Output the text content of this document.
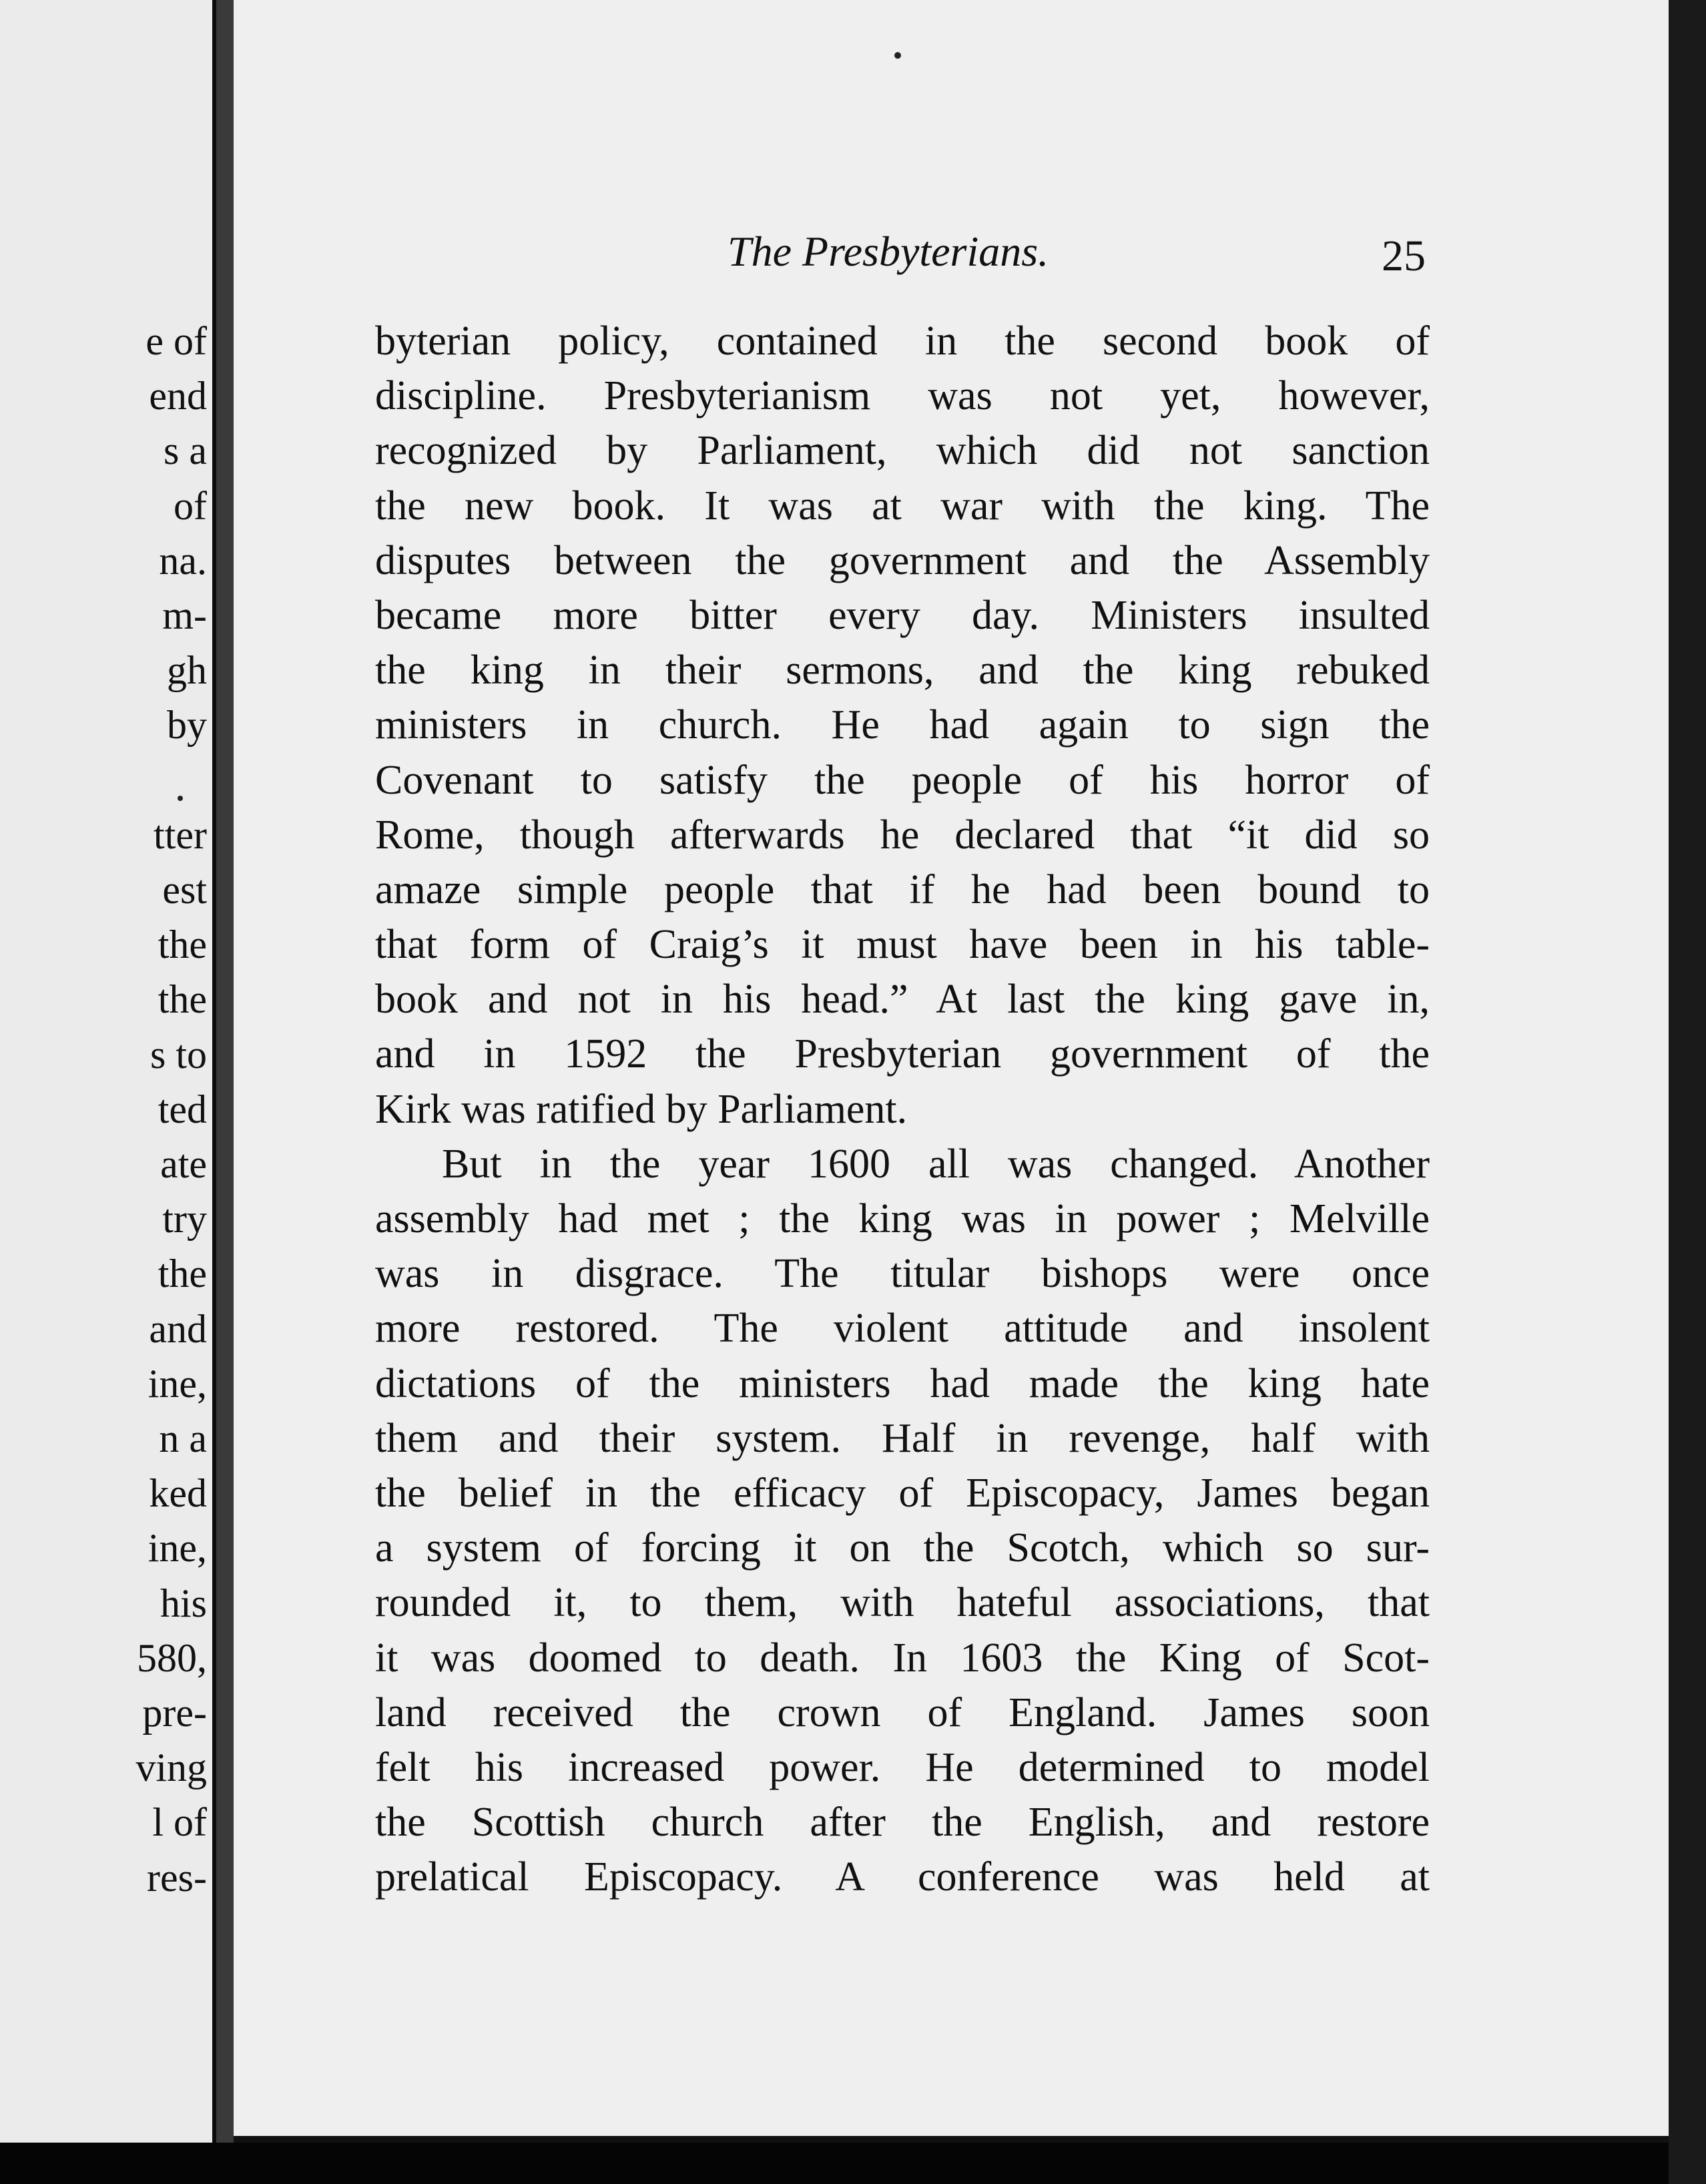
e of
end
s a
of
na.
m-
gh
by

tter
est
the
the
s to
ted
ate
try
the
and
ine,
n a
ked
ine,
his
580,
pre-
ving
l of
res-
The Presbyterians.	25
byterian policy, contained in the second book of
discipline. Presbyterianism was not yet, however,
recognized by Parliament, which did not sanction
the new book. It was at war with the king. The
disputes between the government and the Assembly
became more bitter every day. Ministers insulted
the king in their sermons, and the king rebuked
ministers in church. He had again to sign the
Covenant to satisfy the people of his horror of
Rome, though afterwards he declared that “it did so
amaze simple people that if he had been bound to
that form of Craig’s it must have been in his table-
book and not in his head.” At last the king gave in,
and in 1592 the Presbyterian government of the
Kirk was ratified by Parliament.
But in the year 1600 all was changed. Another
assembly had met ; the king was in power ; Melville
was in disgrace. The titular bishops were once
more restored. The violent attitude and insolent
dictations of the ministers had made the king hate
them and their system. Half in revenge, half with
the belief in the efficacy of Episcopacy, James began
a system of forcing it on the Scotch, which so sur-
rounded it, to them, with hateful associations, that
it was doomed to death. In 1603 the King of Scot-
land received the crown of England. James soon
felt his increased power. He determined to model
the Scottish church after the English, and restore
prelatical Episcopacy. A conference was held at
